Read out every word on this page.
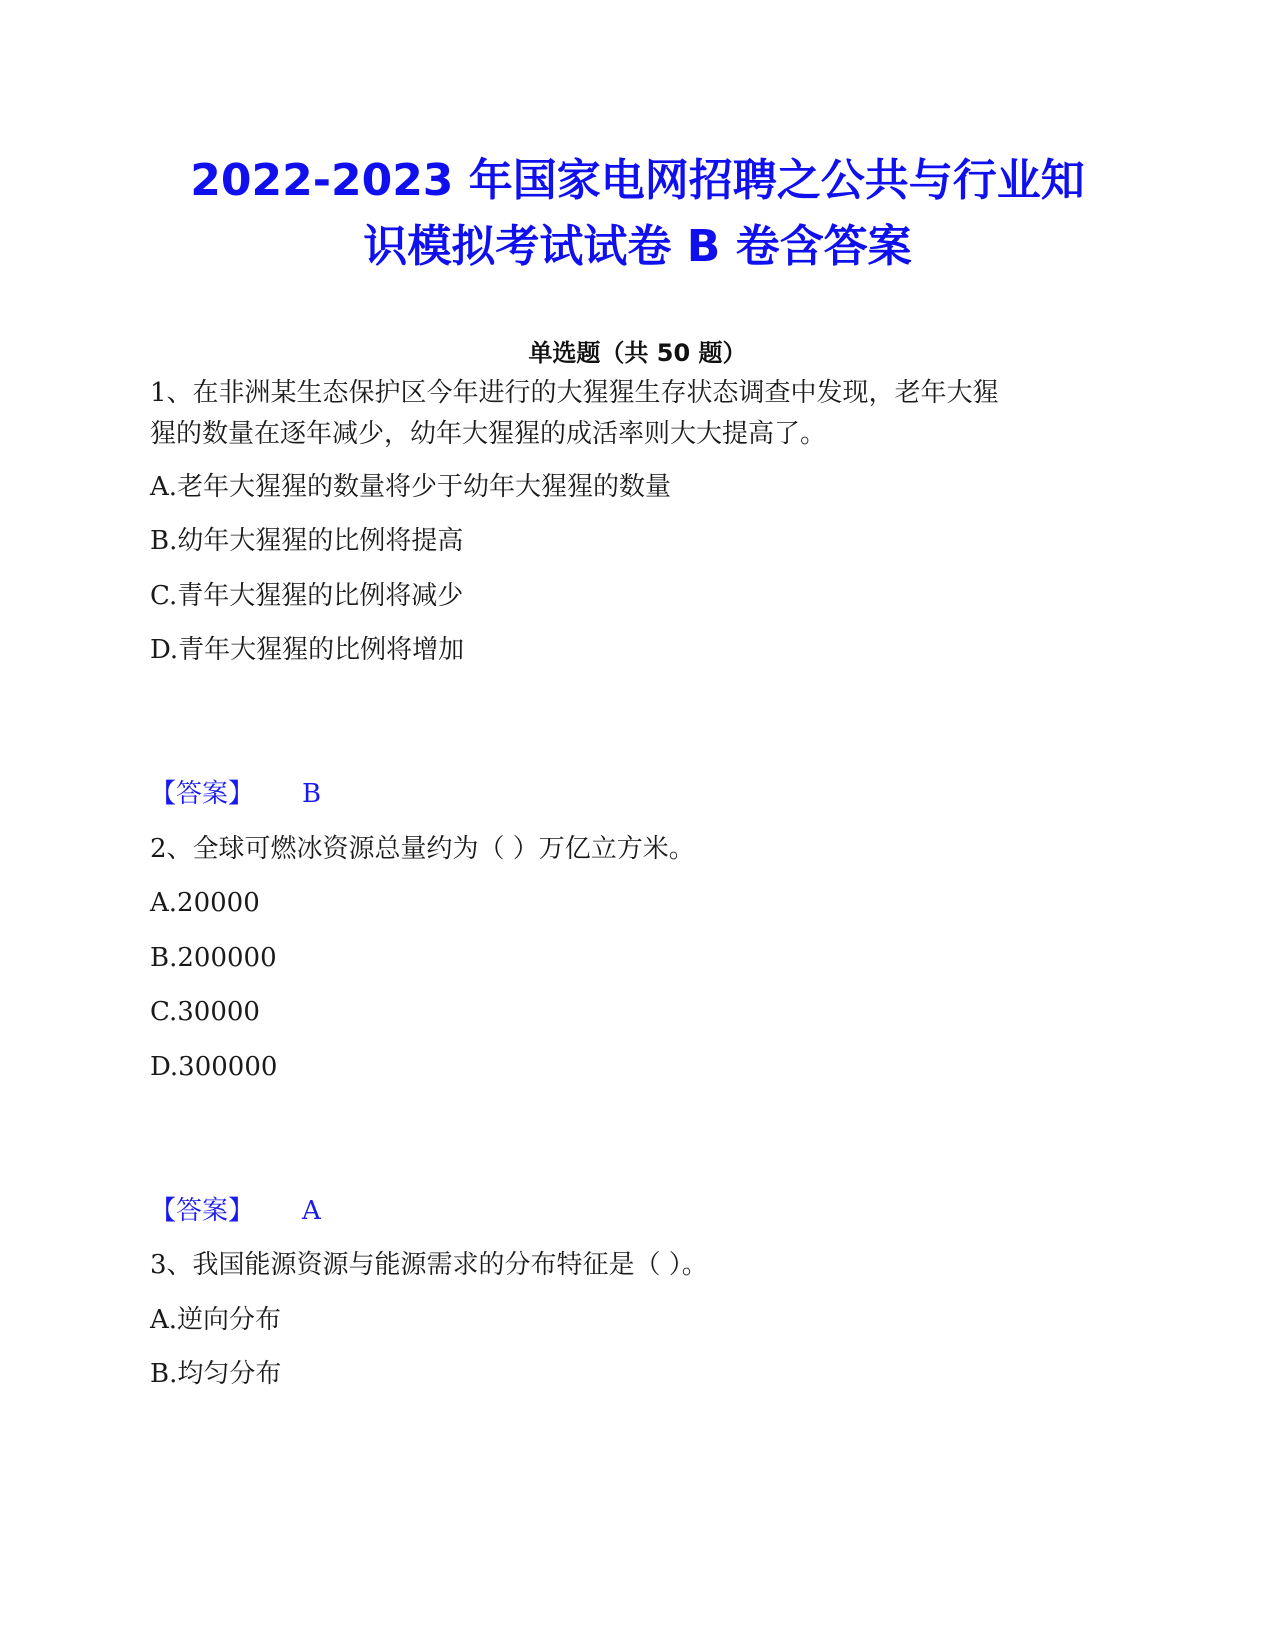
2022-2023 年国家电网招聘之公共与行业知
识模拟考试试卷 B 卷含答案
单选题（共 50 题）
1、在非洲某生态保护区今年进行的大猩猩生存状态调查中发现，老年大猩
猩的数量在逐年减少，幼年大猩猩的成活率则大大提高了。
A.老年大猩猩的数量将少于幼年大猩猩的数量
B.幼年大猩猩的比例将提高
C.青年大猩猩的比例将减少
D.青年大猩猩的比例将增加
【答案】 B
2、全球可燃冰资源总量约为（ ）万亿立方米。
A.20000
B.200000
C.30000
D.300000
【答案】 A
3、我国能源资源与能源需求的分布特征是（ ）。
A.逆向分布
B.均匀分布
